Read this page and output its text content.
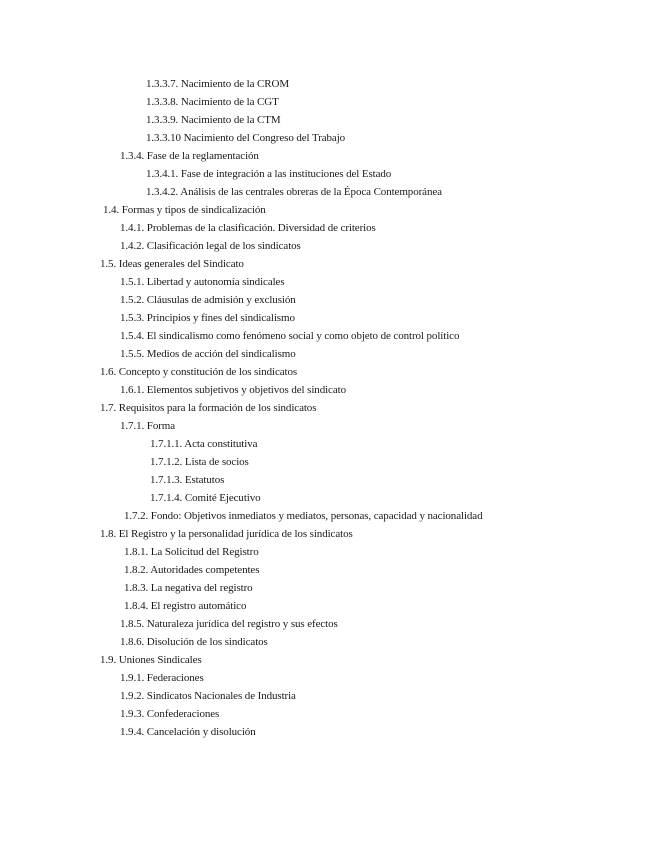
1.3.3.7. Nacimiento de la CROM
1.3.3.8. Nacimiento de la CGT
1.3.3.9. Nacimiento de la CTM
1.3.3.10 Nacimiento del Congreso del Trabajo
1.3.4. Fase de la reglamentación
1.3.4.1. Fase de integración a las instituciones del Estado
1.3.4.2. Análisis de las centrales obreras de la Época Contemporánea
1.4. Formas y tipos de sindicalización
1.4.1. Problemas de la clasificación. Diversidad de criterios
1.4.2. Clasificación legal de los sindicatos
1.5. Ideas generales del Sindicato
1.5.1. Libertad y autonomía sindicales
1.5.2. Cláusulas de admisión y exclusión
1.5.3. Principios y fines del sindicalismo
1.5.4. El sindicalismo como fenómeno social y como objeto de control político
1.5.5. Medios de acción del sindicalismo
1.6. Concepto y constitución de los sindicatos
1.6.1. Elementos subjetivos y objetivos del sindicato
1.7. Requisitos para la formación de los sindicatos
1.7.1. Forma
1.7.1.1. Acta constitutiva
1.7.1.2. Lista de socios
1.7.1.3. Estatutos
1.7.1.4. Comité Ejecutivo
1.7.2. Fondo: Objetivos inmediatos y mediatos, personas, capacidad y nacionalidad
1.8. El Registro y la personalidad jurídica de los sindicatos
1.8.1. La Solicitud del Registro
1.8.2. Autoridades competentes
1.8.3. La negativa del registro
1.8.4. El registro automático
1.8.5. Naturaleza jurídica del registro y sus efectos
1.8.6. Disolución de los sindicatos
1.9. Uniones Sindicales
1.9.1. Federaciones
1.9.2. Sindicatos Nacionales de Industria
1.9.3. Confederaciones
1.9.4. Cancelación y disolución
